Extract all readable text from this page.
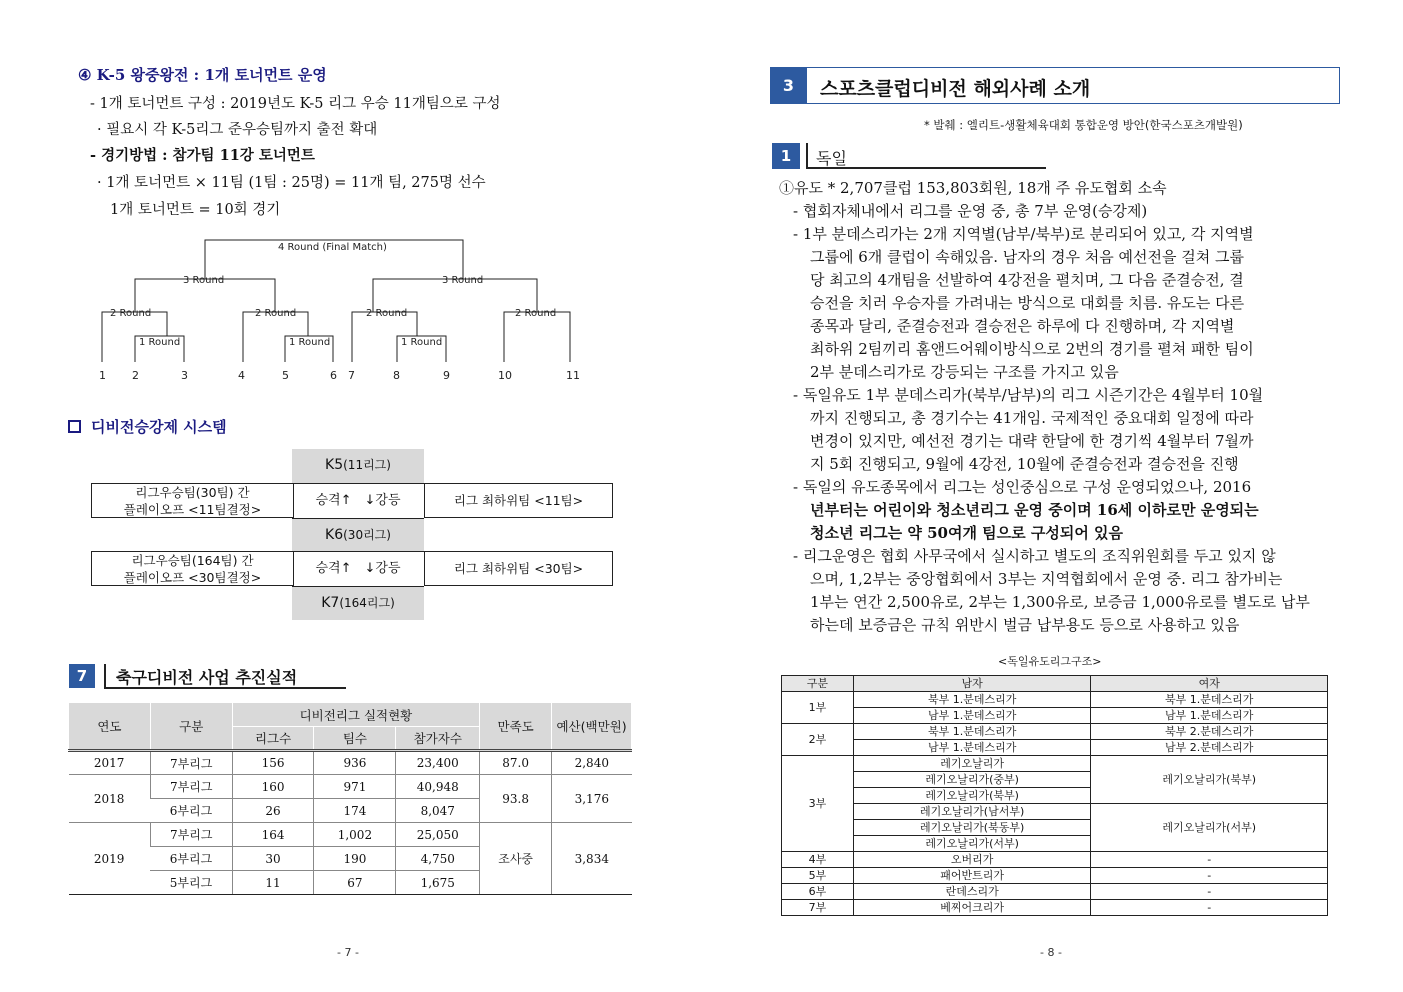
④ K-5 왕중왕전 : 1개 토너먼트 운영
- 1개 토너먼트 구성 : 2019년도 K-5 리그 우승 11개팀으로 구성
· 필요시 각 K-5리그 준우승팀까지 출전 확대
- 경기방법 : 참가팀 11강 토너먼트
· 1개 토너먼트 × 11팀 (1팀 : 25명) = 11개 팀, 275명 선수
1개 토너먼트 = 10회 경기
4 Round (Final Match)
3 Round	3 Round
2 Round	2 Round	2 Round	2 Round
1 Round	1 Round	1 Round
1 2	3	4	5	6 7	8	9	10	11
디비전승강제 시스템
K5(11리그)
리그우승팀(30팀) 간
플레이오프 <11팀결정>
승격↑　↓강등	리그 최하위팀 <11팀>
K6(30리그)
리그우승팀(164팀) 간
플레이오프 <30팀결정>
승격↑　↓강등	리그 최하위팀 <30팀>
K7(164리그)
7	축구디비전 사업 추진실적
연도	구분	디비전리그 실적현황			만족도	예산(백만원)
		리그수	팀수	참가자수		
2017	7부리그	156	936	23,400	87.0	2,840
2018	7부리그	160	971	40,948	93.8	3,176
	6부리그	26	174	8,047		
2019	7부리그	164	1,002	25,050	조사중	3,834
	6부리그	30	190	4,750		
	5부리그	11	67	1,675		
- 7 -
3	스포츠클럽디비전 해외사례 소개
* 발췌 : 엘리트-생활체육대회 통합운영 방안(한국스포츠개발원)
1	독일
①유도 * 2,707클럽 153,803회원, 18개 주 유도협회 소속
- 협회자체내에서 리그를 운영 중, 총 7부 운영(승강제)
- 1부 분데스리가는 2개 지역별(남부/북부)로 분리되어 있고, 각 지역별
그룹에 6개 클럽이 속해있음. 남자의 경우 처음 예선전을 걸쳐 그룹
당 최고의 4개팀을 선발하여 4강전을 펼치며, 그 다음 준결승전, 결
승전을 치러 우승자를 가려내는 방식으로 대회를 치름. 유도는 다른
종목과 달리, 준결승전과 결승전은 하루에 다 진행하며, 각 지역별
최하위 2팀끼리 홈앤드어웨이방식으로 2번의 경기를 펼쳐 패한 팀이
2부 분데스리가로 강등되는 구조를 가지고 있음
- 독일유도 1부 분데스리가(북부/남부)의 리그 시즌기간은 4월부터 10월
까지 진행되고, 총 경기수는 41개임. 국제적인 중요대회 일정에 따라
변경이 있지만, 예선전 경기는 대략 한달에 한 경기씩 4월부터 7월까
지 5회 진행되고, 9월에 4강전, 10월에 준결승전과 결승전을 진행
- 독일의 유도종목에서 리그는 성인중심으로 구성 운영되었으나, 2016
년부터는 어린이와 청소년리그 운영 중이며 16세 이하로만 운영되는
청소년 리그는 약 50여개 팀으로 구성되어 있음
- 리그운영은 협회 사무국에서 실시하고 별도의 조직위원회를 두고 있지 않
으며, 1,2부는 중앙협회에서 3부는 지역협회에서 운영 중. 리그 참가비는
1부는 연간 2,500유로, 2부는 1,300유로, 보증금 1,000유로를 별도로 납부
하는데 보증금은 규칙 위반시 벌금 납부용도 등으로 사용하고 있음
<독일유도리그구조>
구분	남자	여자
1부	북부 1.분데스리가	북부 1.분데스리가
	남부 1.분데스리가	남부 1.분데스리가
2부	북부 1.분데스리가	북부 2.분데스리가
	남부 1.분데스리가	남부 2.분데스리가
3부	레기오날리가	레기오날리가(북부)
	레기오날리가(중부)	
	레기오날리가(북부)	
	레기오날리가(남서부)	레기오날리가(서부)
	레기오날리가(북동부)	
	레기오날리가(서부)	
4부	오버리가	-
5부	패어반트리가	-
6부	란데스리가	-
7부	베찌어크리가	-
- 8 -
